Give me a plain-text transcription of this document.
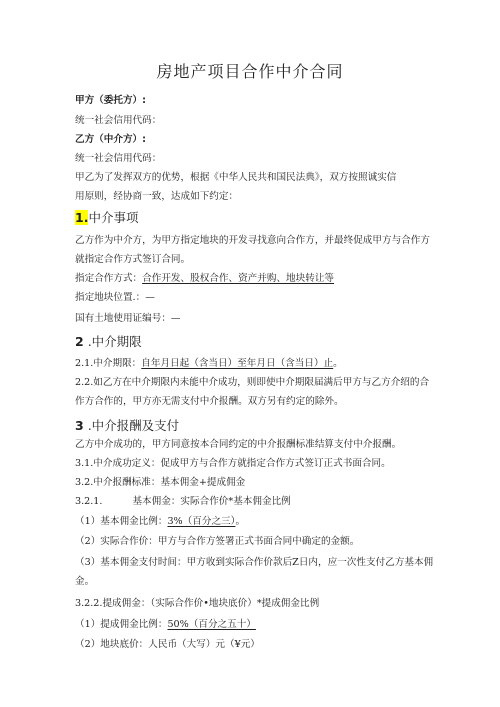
房地产项目合作中介合同
甲方（委托方）:
统一社会信用代码：
乙方（中介方）:
统一社会信用代码：
甲乙为了发挥双方的优势，根据《中华人民共和国民法典》，双方按照诚实信
用原则，经协商一致，达成如下约定：
1.中介事项
乙方作为中介方，为甲方指定地块的开发寻找意向合作方，并最终促成甲方与合作方
就指定合作方式签订合同。
指定合作方式：合作开发、股权合作、资产并购、地块转让等
指定地块位置.：—
国有土地使用证编号：—
2 .中介期限
2.1.中介期限：自年月日起（含当日）至年月日（含当日）止。
2.2.如乙方在中介期限内未能中介成功，则即使中介期限届满后甲方与乙方介绍的合
作方合作的，甲方亦无需支付中介报酬。双方另有约定的除外。
3 .中介报酬及支付
乙方中介成功的，甲方同意按本合同约定的中介报酬标准结算支付中介报酬。
3.1.中介成功定义：促成甲方与合作方就指定合作方式签订正式书面合同。
3.2.中介报酬标准：基本佣金+提成佣金
3.2.1.	基本佣金：实际合作价*基本佣金比例
（1）基本佣金比例：3%（百分之三）。
（2）实际合作价：甲方与合作方签署正式书面合同中确定的金额。
（3）基本佣金支付时间：甲方收到实际合作价款后Z日内，应一次性支付乙方基本佣
金。
3.2.2.提成佣金：（实际合作价•地块底价）*提成佣金比例
（1）提成佣金比例：50%（百分之五十）
（2）地块底价：人民币（大写）元（¥元）
